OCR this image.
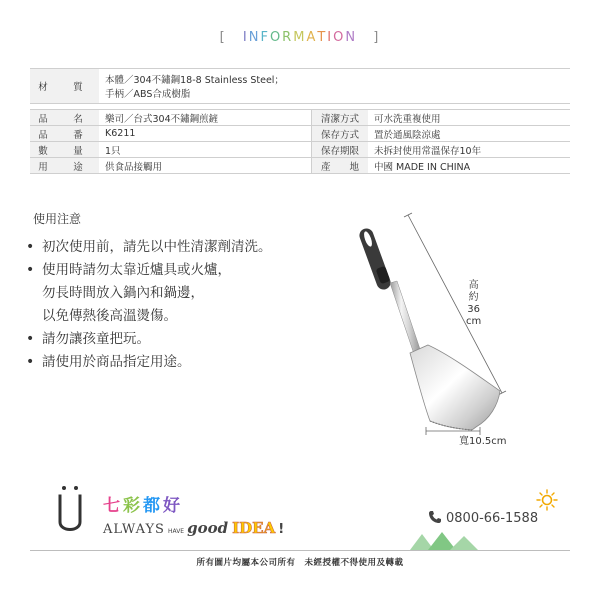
[ INFORMATION ]
材　質	本體／304不鏽鋼18-8 Stainless Steel；
手柄／ABS合成樹脂		

品　名	樂司／台式304不鏽鋼煎鏟	清潔方式	可水洗重複使用
品　番	K6211	保存方式	置於通風陰涼處
數　量	1只	保存期限	未拆封使用常溫保存10年
用　途	供食品接觸用	產　　地	中國 MADE IN CHINA
使用注意
• 初次使用前，請先以中性清潔劑清洗。
• 使用時請勿太靠近爐具或火爐，
勿長時間放入鍋內和鍋邊，
以免傳熱後高溫燙傷。
• 請勿讓孩童把玩。
• 請使用於商品指定用途。
高
約
36
cm
寬10.5cm
七彩都好
ALWAYS HAVE good IDEA !
0800-66-1588
所有圖片均屬本公司所有　未經授權不得使用及轉載
